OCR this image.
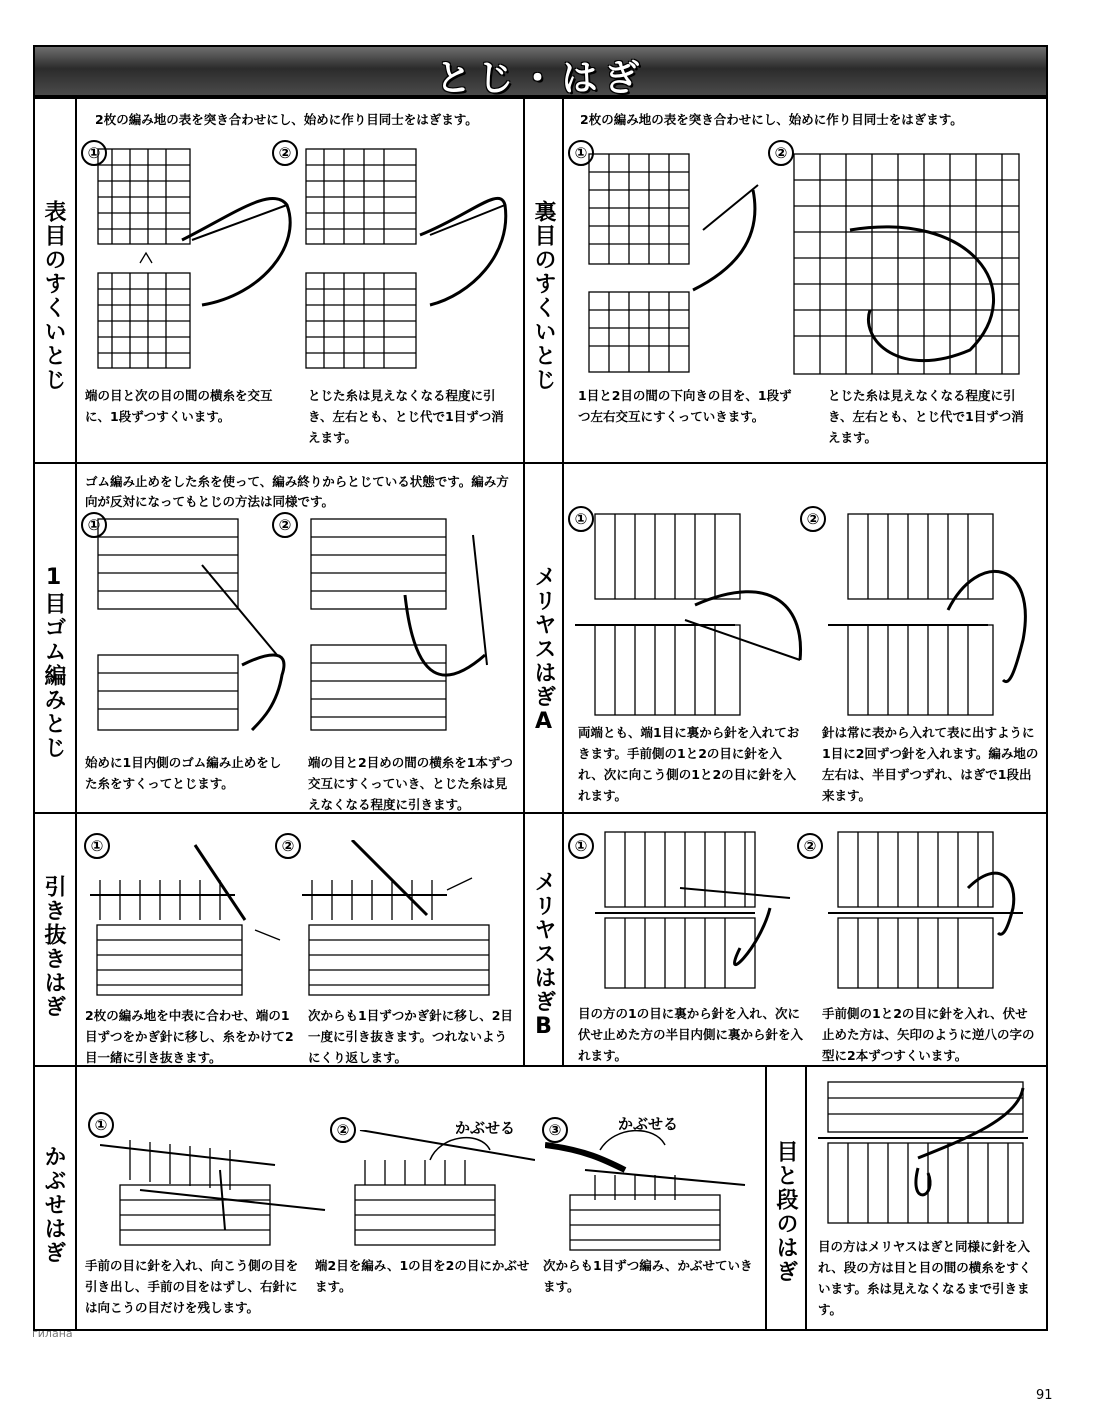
とじ・はぎ
表目のすくいとじ
2枚の編み地の表を突き合わせにし、始めに作り目同士をはぎます。
①	②
端の目と次の目の間の横糸を交互に、1段ずつすくいます。
とじた糸は見えなくなる程度に引き、左右とも、とじ代で1目ずつ消えます。
裏目のすくいとじ
2枚の編み地の表を突き合わせにし、始めに作り目同士をはぎます。
①	②
1目と2目の間の下向きの目を、1段ずつ左右交互にすくっていきます。
とじた糸は見えなくなる程度に引き、左右とも、とじ代で1目ずつ消えます。
1目ゴム編みとじ
ゴム編み止めをした糸を使って、編み終りからとじている状態です。編み方向が反対になってもとじの方法は同様です。
①	②
始めに1目内側のゴム編み止めをした糸をすくってとじます。
端の目と2目めの間の横糸を1本ずつ交互にすくっていき、とじた糸は見えなくなる程度に引きます。
メリヤスはぎA
①	②
両端とも、端1目に裏から針を入れておきます。手前側の1と2の目に針を入れ、次に向こう側の1と2の目に針を入れます。
針は常に表から入れて表に出すように1目に2回ずつ針を入れます。編み地の左右は、半目ずつずれ、はぎで1段出来ます。
引き抜きはぎ
①	②
2枚の編み地を中表に合わせ、端の1目ずつをかぎ針に移し、糸をかけて2目一緒に引き抜きます。
次からも1目ずつかぎ針に移し、2目一度に引き抜きます。つれないようにくり返します。
メリヤスはぎB
①	②
目の方の1の目に裏から針を入れ、次に伏せ止めた方の半目内側に裏から針を入れます。
手前側の1と2の目に針を入れ、伏せ止めた方は、矢印のように逆八の字の型に2本ずつすくいます。
かぶせはぎ
①	②	③
かぶせる	かぶせる
手前の目に針を入れ、向こう側の目を引き出し、手前の目をはずし、右針には向こうの目だけを残します。
端2目を編み、1の目を2の目にかぶせます。
次からも1目ずつ編み、かぶせていきます。
目と段のはぎ 目の方はメリヤスはぎと同様に針を入れ、段の方は目と目の間の横糸をすくいます。糸は見えなくなるまで引きます。
гилана
91
